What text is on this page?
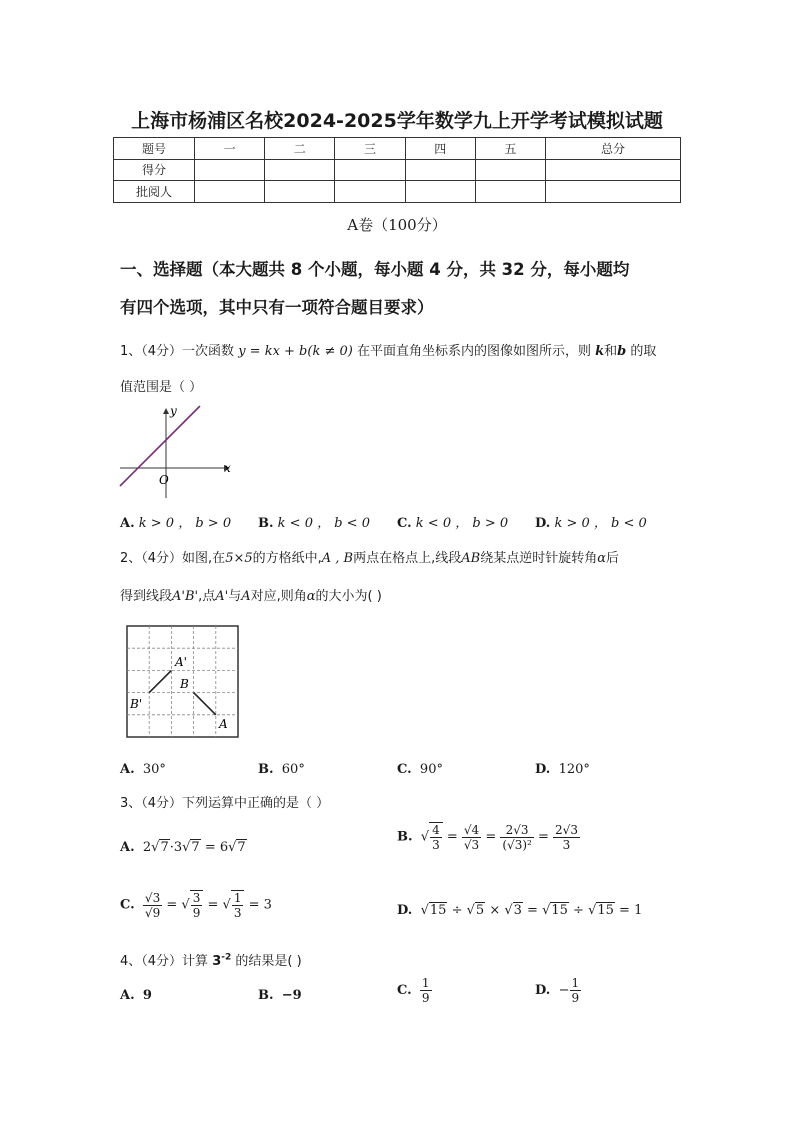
上海市杨浦区名校2024-2025学年数学九上开学考试模拟试题
题号	一	二	三	四	五	总分
得分						
批阅人						
A卷（100分）
一、选择题（本大题共 8 个小题，每小题 4 分，共 32 分，每小题均
有四个选项，其中只有一项符合题目要求）
1、（4分）一次函数 y = kx + b(k ≠ 0) 在平面直角坐标系内的图像如图所示，则 k和b 的取
值范围是（ ）
x
y
O
A. k > 0 ， b > 0 B. k < 0 ， b < 0 C. k < 0 ， b > 0 D. k > 0 ， b < 0
2、（4分）如图,在5×5的方格纸中,A , B两点在格点上,线段AB绕某点逆时针旋转角α后
得到线段A'B',点A'与A对应,则角α的大小为( )
A'
B'
B
A
A. 30°	B. 60°	C. 90°	D. 120°
3、（4分）下列运算中正确的是（ ）
A. 2√7·3√7 = 6√7
B. √ $\frac{4}{3} = \frac{√4}{√3} = \frac{2√3}{\text{(√3)²}} = \frac{2√3}{3}$
C. $\frac{√3}{√9}$ = √ $\frac{3}{9}$ = √ $\frac{1}{3} = 3$	D. √15 ÷ √5 × √3 = √15 ÷ √15 = 1
4、（4分）计算 $3^{-2}$ 的结果是( )
A. 9	B. −9	C. $\frac{1}{9}$	D. − $\frac{1}{9}$
